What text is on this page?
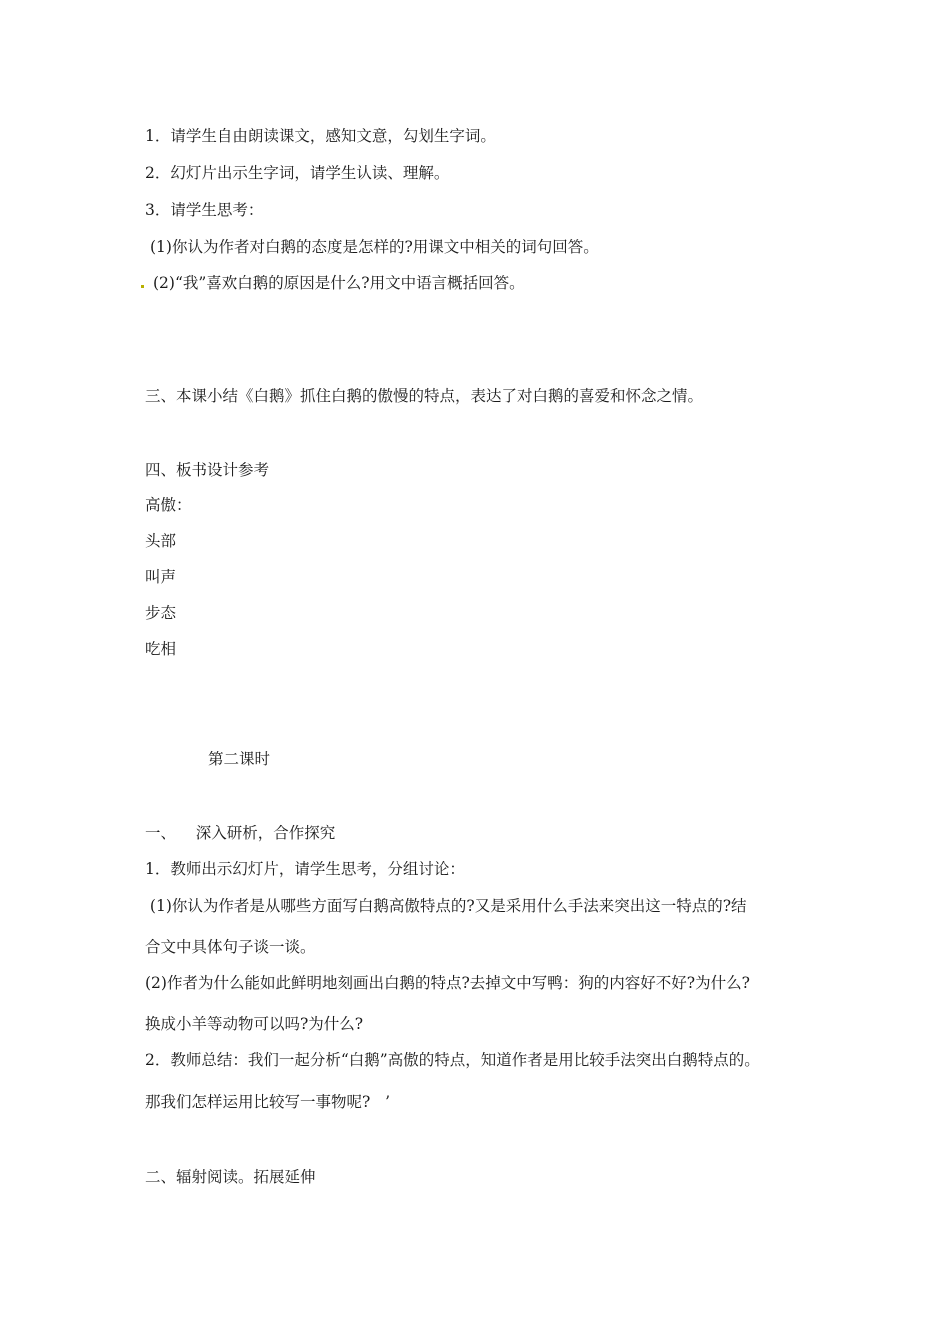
1．请学生自由朗读课文，感知文意，勾划生字词。
2．幻灯片出示生字词，请学生认读、理解。
3．请学生思考：
(1)你认为作者对白鹅的态度是怎样的?用课文中相关的词句回答。
(2)“我”喜欢白鹅的原因是什么?用文中语言概括回答。
三、本课小结《白鹅》抓住白鹅的傲慢的特点，表达了对白鹅的喜爱和怀念之情。
四、板书设计参考
高傲：
头部
叫声
步态
吃相
第二课时
一、    深入研析，合作探究
1．教师出示幻灯片，请学生思考，分组讨论：
(1)你认为作者是从哪些方面写白鹅高傲特点的?又是采用什么手法来突出这一特点的?结
合文中具体句子谈一谈。
(2)作者为什么能如此鲜明地刻画出白鹅的特点?去掉文中写鸭：狗的内容好不好?为什么?
换成小羊等动物可以吗?为什么?
2．教师总结：我们一起分析“白鹅”高傲的特点，知道作者是用比较手法突出白鹅特点的。
那我们怎样运用比较写一事物呢?   ’
二、辐射阅读。拓展延伸
